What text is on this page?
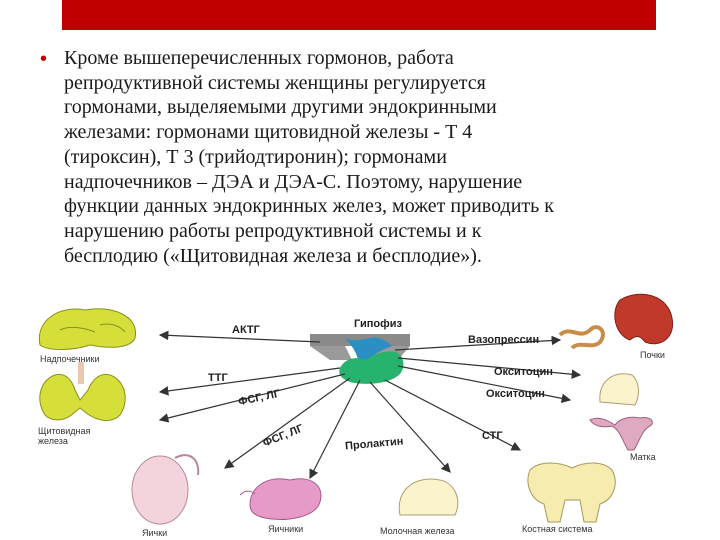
• Кроме вышеперечисленных гормонов, работа
репродуктивной системы женщины регулируется
гормонами, выделяемыми другими эндокринными
железами: гормонами щитовидной железы - Т 4
(тироксин), Т 3 (трийодтиронин); гормонами
надпочечников – ДЭА и ДЭА-С. Поэтому, нарушение
функции данных эндокринных желез, может приводить к
нарушению работы репродуктивной системы и к
бесплодию («Щитовидная железа и бесплодие»).
Гипофиз
АКТГ
ТТГ
ФСГ, ЛГ
ФСГ, ЛГ	Пролактин	СТГ
Вазопрессин
Окситоцин
Окситоцин
Надпочечники
Щитовидная железа
Яички	Яичники	Молочная железа
Почки
Матка
Костная система
